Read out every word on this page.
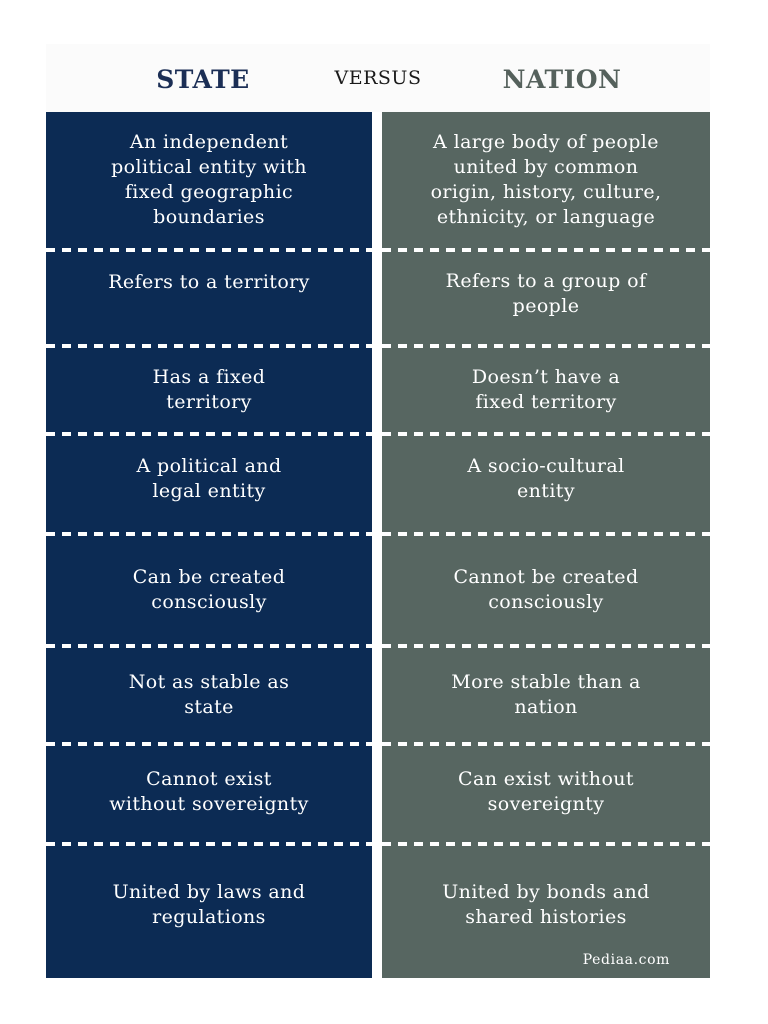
STATE	VERSUS	NATION
An independent
political entity with
fixed geographic
boundaries
Refers to a territory
Has a fixed
territory
A political and
legal entity
Can be created
consciously
Not as stable as
state
Cannot exist
without sovereignty
United by laws and
regulations
A large body of people
united by common
origin, history, culture,
ethnicity, or language
Refers to a group of
people
Doesn’t have a
fixed territory
A socio-cultural
entity
Cannot be created
consciously
More stable than a
nation
Can exist without
sovereignty
United by bonds and
shared histories
Pediaa.com
